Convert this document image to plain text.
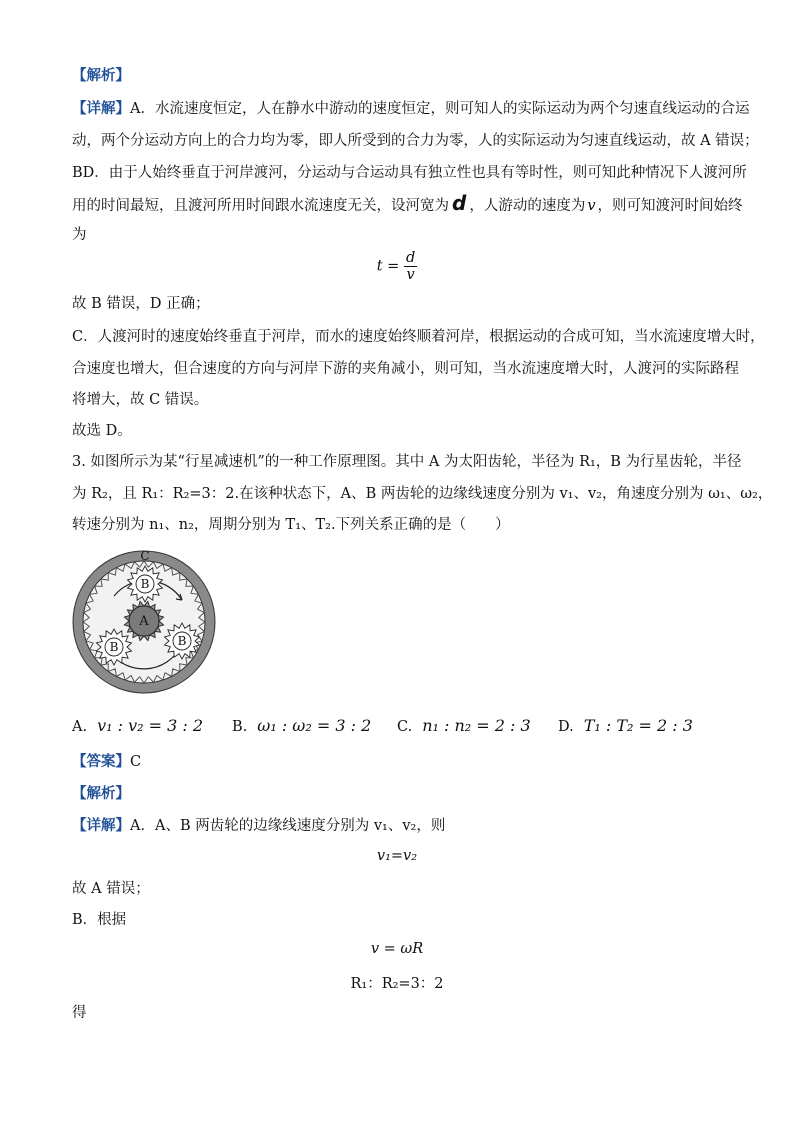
【解析】
【详解】A．水流速度恒定，人在静水中游动的速度恒定，则可知人的实际运动为两个匀速直线运动的合运
动，两个分运动方向上的合力均为零，即人所受到的合力为零，人的实际运动为匀速直线运动，故 A 错误；
BD．由于人始终垂直于河岸渡河，分运动与合运动具有独立性也具有等时性，则可知此种情况下人渡河所
用的时间最短，且渡河所用时间跟水流速度无关，设河宽为 d ，人游动的速度为 v ，则可知渡河时间始终
为
$t = \frac{d}{v}$
故 B 错误，D 正确；
C．人渡河时的速度始终垂直于河岸，而水的速度始终顺着河岸，根据运动的合成可知，当水流速度增大时，
合速度也增大，但合速度的方向与河岸下游的夹角减小，则可知，当水流速度增大时，人渡河的实际路程
将增大，故 C 错误。
故选 D。
3. 如图所示为某“行星减速机”的一种工作原理图。其中 A 为太阳齿轮，半径为 R₁，B 为行星齿轮，半径
为 R₂，且 R₁：R₂=3：2.在该种状态下，A、B 两齿轮的边缘线速度分别为 v₁、v₂，角速度分别为 ω₁、ω₂，
转速分别为 n₁、n₂，周期分别为 T₁、T₂.下列关系正确的是（　　）
C
A
B
B	B
A. v₁ : v₂ = 3 : 2 B. ω₁ : ω₂ = 3 : 2 C. n₁ : n₂ = 2 : 3 D. T₁ : T₂ = 2 : 3
【答案】C
【解析】
【详解】A．A、B 两齿轮的边缘线速度分别为 v₁、v₂，则
v₁=v₂
故 A 错误；
B．根据
v = ωR
R₁：R₂=3：2
得
